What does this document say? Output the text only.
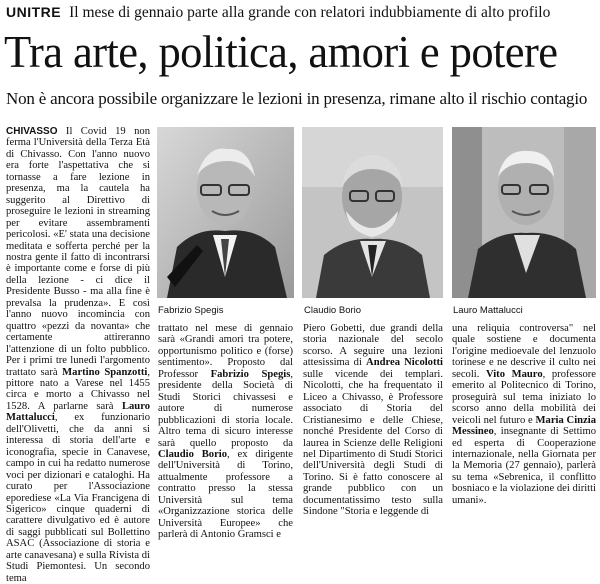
UNITRE Il mese di gennaio parte alla grande con relatori indubbiamente di alto profilo
Tra arte, politica, amori e potere
Non è ancora possibile organizzare le lezioni in presenza, rimane alto il rischio contagio
CHIVASSO Il Covid 19 non ferma l'Università della Terza Età di Chivasso. Con l'anno nuovo era forte l'aspettativa che si tornasse a fare lezione in presenza, ma la cautela ha suggerito al Direttivo di proseguire le lezioni in streaming per evitare assembramenti pericolosi. «E' stata una decisione meditata e sofferta perché per la nostra gente il fatto di incontrarsi è importante come e forse di più della lezione - ci dice il Presidente Busso - ma alla fine è prevalsa la prudenza». E così l'anno nuovo incomincia con quattro «pezzi da novanta» che certamente attireranno l'attenzione di un folto pubblico. Per i primi tre lunedì l'argomento trattato sarà Martino Spanzotti, pittore nato a Varese nel 1455 circa e morto a Chivasso nel 1528. A parlarne sarà Lauro Mattalucci, ex funzionario dell'Olivetti, che da anni si interessa di storia dell'arte e iconografia, specie in Canavese, campo in cui ha redatto numerose voci per dizionari e cataloghi. Ha curato per l'Associazione eporediese «La Via Francigena di Sigerico» cinque quaderni di carattere divulgativo ed è autore di saggi pubblicati sul Bollettino ASAC (Associazione di storia e arte canavesana) e sulla Rivista di Studi Piemontesi. Un secondo tema
Fabrizio Spegis	Claudio Borio	Lauro Mattalucci
trattato nel mese di gennaio sarà «Grandi amori tra potere, opportunismo politico e (forse) sentimento». Proposto dal Professor Fabrizio Spegis, presidente della Società di Studi Storici chivassesi e autore di numerose pubblicazioni di storia locale. Altro tema di sicuro interesse sarà quello proposto da Claudio Borio, ex dirigente dell'Università di Torino, attualmente professore a contratto presso la stessa Università sul tema «Organizzazione storica delle Università Europee» che parlerà di Antonio Gramsci e
Piero Gobetti, due grandi della storia nazionale del secolo scorso. A seguire una lezioni attesissima di Andrea Nicolotti sulle vicende dei templari. Nicolotti, che ha frequentato il Liceo a Chivasso, è Professore associato di Storia del Cristianesimo e delle Chiese, nonché Presidente del Corso di laurea in Scienze delle Religioni nel Dipartimento di Studi Storici dell'Università degli Studi di Torino. Si è fatto conoscere al grande pubblico con un documentatissimo testo sulla Sindone "Storia e leggende di
una reliquia controversa" nel quale sostiene e documenta l'origine medioevale del lenzuolo torinese e ne descrive il culto nei secoli. Vito Mauro, professore emerito al Politecnico di Torino, proseguirà sul tema iniziato lo scorso anno della mobilità dei veicoli nel futuro e Maria Cinzia Messineo, insegnante di Settimo ed esperta di Cooperazione internazionale, nella Giornata per la Memoria (27 gennaio), parlerà su tema «Sebrenica, il conflitto bosniaco e la violazione dei diritti umani».
